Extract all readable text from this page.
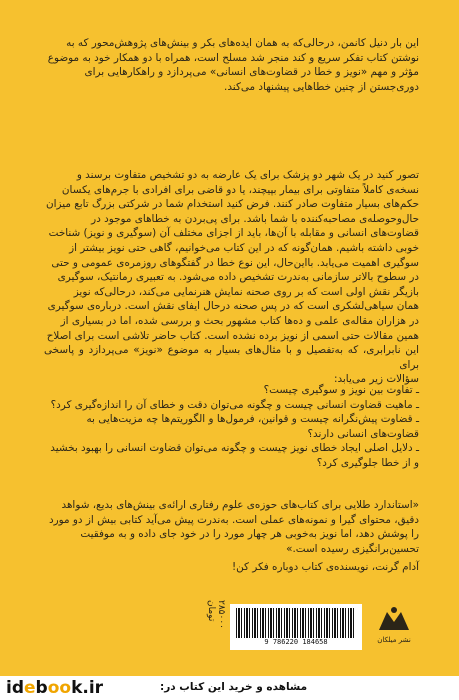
این بار دنیل کانمن، درحالی‌که به همان ایده‌های بکر و بینش‌های پژوهش‌محور که به

نوشتن کتاب تفکر سریع و کند منجر شد مسلح است، همراه با دو همکار خود به موضوع

مؤثر و مهم «نویز و خطا در قضاوت‌های انسانی» می‌پردازد و راهکارهایی برای

دوری‌جستن از چنین خطاهایی پیشنهاد می‌کند.

تصور کنید در یک شهر دو پزشک برای یک عارضه به دو تشخیص متفاوت برسند و

نسخه‌ی کاملاً متفاوتی برای بیمار بپیچند، یا دو قاضی برای افرادی با جرم‌های یکسان

حکم‌های بسیار متفاوت صادر کنند. فرض کنید استخدام شما در شرکتی بزرگ تابع میزان

حال‌وحوصله‌ی مصاحبه‌کننده با شما باشد. برای پی‌بردن به خطاهای موجود در

قضاوت‌های انسانی و مقابله با آن‌ها، باید از اجزای مختلف آن (سوگیری و نویز) شناخت

خوبی داشته باشیم. همان‌گونه که در این کتاب می‌خوانیم، گاهی حتی نویز بیشتر از

سوگیری اهمیت می‌یابد. بااین‌حال، این نوع خطا در گفتگوهای روزمره‌ی عمومی و حتی

در سطوح بالاتر سازمانی به‌ندرت تشخیص داده می‌شود. به تعبیری رمانتیک، سوگیری

بازیگر نقش اولی است که بر روی صحنه نمایش هنرنمایی می‌کند، درحالی‌که نویز

همان سیاهی‌لشکری است که در پس صحنه درحال ایفای نقش است. درباره‌ی سوگیری

در هزاران مقاله‌ی علمی و ده‌ها کتاب مشهور بحث و بررسی شده، اما در بسیاری از

همین مقالات حتی اسمی از نویز برده نشده است. کتاب حاضر تلاشی است برای اصلاح

این نابرابری، که به‌تفصیل و با مثال‌های بسیار به موضوع «نویز» می‌پردازد و پاسخی برای

سؤالات زیر می‌یابد:

ـ تفاوت بین نویز و سوگیری چیست؟

ـ ماهیت قضاوت انسانی چیست و چگونه می‌توان دقت و خطای آن را اندازه‌گیری کرد؟

ـ قضاوت پیش‌نگرانه چیست و قوانین، فرمول‌ها و الگوریتم‌ها چه مزیت‌هایی به

قضاوت‌های انسانی دارند؟

ـ دلایل اصلی ایجاد خطای نویز چیست و چگونه می‌توان قضاوت انسانی را بهبود بخشید

و از خطا جلوگیری کرد؟

«استاندارد طلایی برای کتاب‌های حوزه‌ی علوم رفتاری ارائه‌ی بینش‌های بدیع، شواهد

دقیق، محتوای گیرا و نمونه‌های عملی است. به‌ندرت پیش می‌آید کتابی بیش از دو مورد

را پوشش دهد، اما نویز به‌خوبی هر چهار مورد را در خود جای داده و به موفقیت

تحسین‌برانگیزی رسیده است.»

آدام گرنت، نویسنده‌ی کتاب دوباره فکر کن!

۲۸۵۰۰۰ تومان
9 786220 184658	نشر میلکان
idebook.ir	مشاهده و خرید این کتاب در:
